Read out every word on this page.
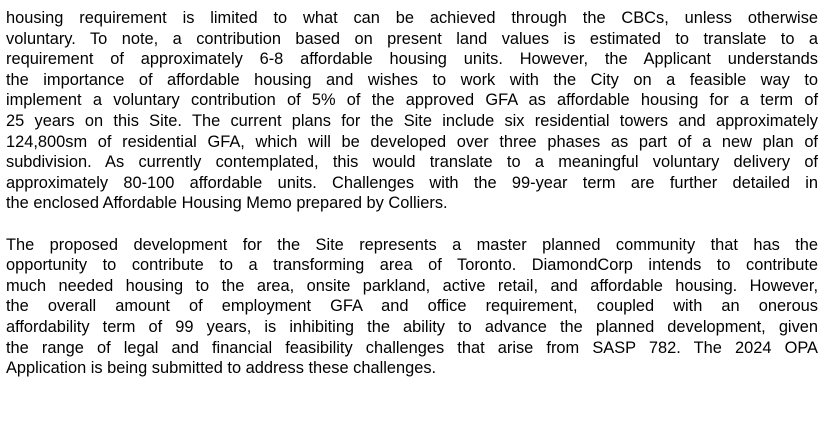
housing requirement is limited to what can be achieved through the CBCs, unless otherwise
voluntary. To note, a contribution based on present land values is estimated to translate to a
requirement of approximately 6-8 affordable housing units. However, the Applicant understands
the importance of affordable housing and wishes to work with the City on a feasible way to
implement a voluntary contribution of 5% of the approved GFA as affordable housing for a term of
25 years on this Site. The current plans for the Site include six residential towers and approximately
124,800sm of residential GFA, which will be developed over three phases as part of a new plan of
subdivision. As currently contemplated, this would translate to a meaningful voluntary delivery of
approximately 80-100 affordable units. Challenges with the 99-year term are further detailed in
the enclosed Affordable Housing Memo prepared by Colliers.

The proposed development for the Site represents a master planned community that has the
opportunity to contribute to a transforming area of Toronto. DiamondCorp intends to contribute
much needed housing to the area, onsite parkland, active retail, and affordable housing. However,
the overall amount of employment GFA and office requirement, coupled with an onerous
affordability term of 99 years, is inhibiting the ability to advance the planned development, given
the range of legal and financial feasibility challenges that arise from SASP 782. The 2024 OPA
Application is being submitted to address these challenges.
